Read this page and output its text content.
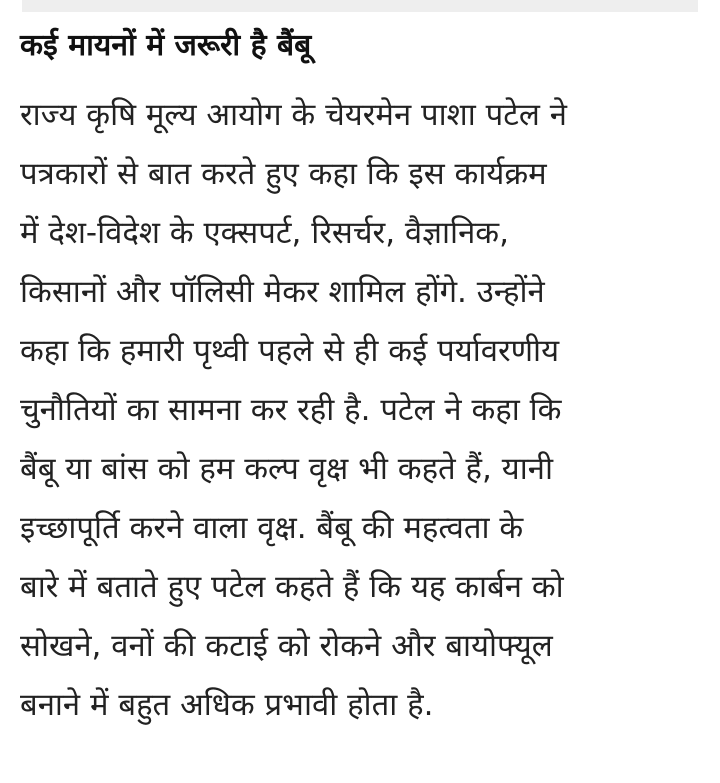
कई मायनों में जरूरी है बैंबू
राज्य कृषि मूल्य आयोग के चेयरमेन पाशा पटेल ने
पत्रकारों से बात करते हुए कहा कि इस कार्यक्रम
में देश-विदेश के एक्सपर्ट, रिसर्चर, वैज्ञानिक,
किसानों और पॉलिसी मेकर शामिल होंगे. उन्होंने
कहा कि हमारी पृथ्वी पहले से ही कई पर्यावरणीय
चुनौतियों का सामना कर रही है. पटेल ने कहा कि
बैंबू या बांस को हम कल्प वृक्ष भी कहते हैं, यानी
इच्छापूर्ति करने वाला वृक्ष. बैंबू की महत्वता के
बारे में बताते हुए पटेल कहते हैं कि यह कार्बन को
सोखने, वनों की कटाई को रोकने और बायोफ्यूल
बनाने में बहुत अधिक प्रभावी होता है.
